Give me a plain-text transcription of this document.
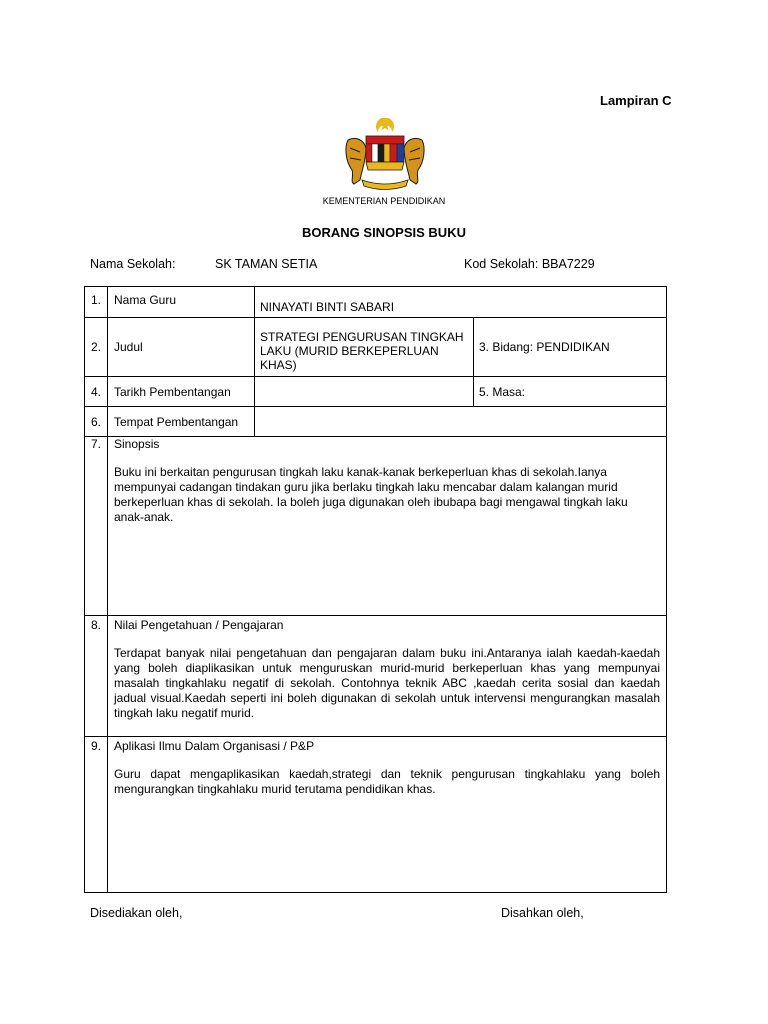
Lampiran C
KEMENTERIAN PENDIDIKAN
BORANG SINOPSIS BUKU
Nama Sekolah:	SK TAMAN SETIA	Kod Sekolah: BBA7229
1.	Nama Guru	NINAYATI BINTI SABARI	
2.	Judul	STRATEGI PENGURUSAN TINGKAH LAKU (MURID BERKEPERLUAN KHAS)	3. Bidang: PENDIDIKAN
4.	Tarikh Pembentangan		5. Masa:
6.	Tempat Pembentangan		
7.	Sinopsis

Buku ini berkaitan pengurusan tingkah laku kanak-kanak berkeperluan khas di sekolah.Ianya mempunyai cadangan tindakan guru jika berlaku tingkah laku mencabar dalam kalangan murid berkeperluan khas di sekolah. Ia boleh juga digunakan oleh ibubapa bagi mengawal tingkah laku anak-anak.		

8.	Nilai Pengetahuan / Pengajaran

Terdapat banyak nilai pengetahuan dan pengajaran dalam buku ini.Antaranya ialah kaedah-kaedah yang boleh diaplikasikan untuk menguruskan murid-murid berkeperluan khas yang mempunyai masalah tingkahlaku negatif di sekolah. Contohnya teknik ABC ,kaedah cerita sosial dan kaedah jadual visual.Kaedah seperti ini boleh digunakan di sekolah untuk intervensi mengurangkan masalah tingkah laku negatif murid.		

9.	Aplikasi Ilmu Dalam Organisasi / P&P

Guru dapat mengaplikasikan kaedah,strategi dan teknik pengurusan tingkahlaku yang boleh mengurangkan tingkahlaku murid terutama pendidikan khas.		

Disediakan oleh,	Disahkan oleh,
